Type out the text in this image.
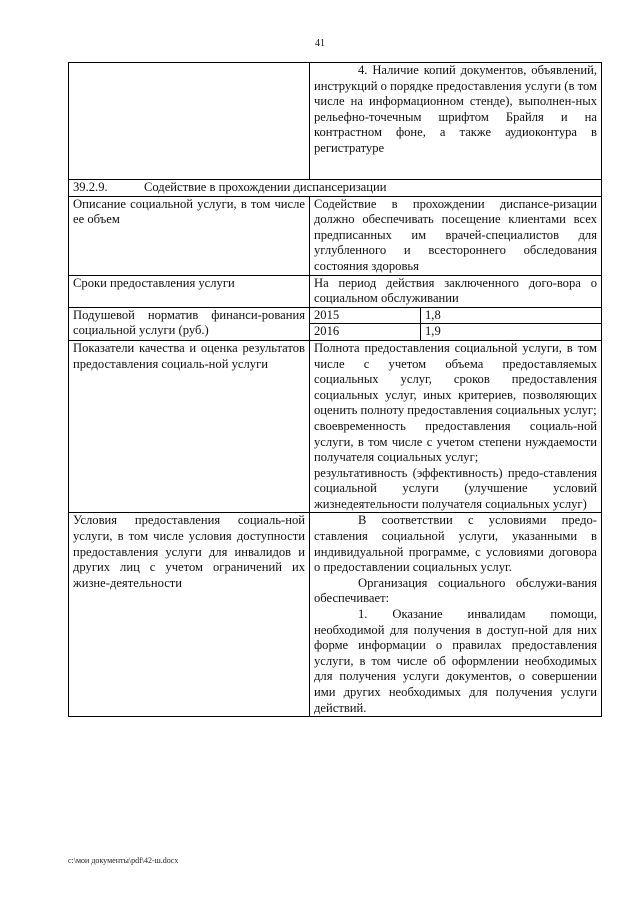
41

	4. Наличие копий документов, объявлений, инструкций о порядке предоставления услуги (в том числе на информационном стенде), выполнен-ных рельефно-точечным шрифтом Брайля и на контрастном фоне, а также аудиоконтура в регистратуре

39.2.9. Содействие в прохождении диспансеризации	
Описание социальной услуги, в том числе ее объем	Содействие в прохождении диспансе-ризации должно обеспечивать посещение клиентами всех предписанных им врачей-специалистов для углубленного и всестороннего обследования состояния здоровья
Сроки предоставления услуги	На период действия заключенного дого-вора о социальном обслуживании
Подушевой норматив финанси-рования социальной услуги (руб.)	2015 1,8
2016 1,9

Показатели качества и оценка результатов предоставления социаль-ной услуги	Полнота предоставления социальной услуги, в том числе с учетом объема предоставляемых социальных услуг, сроков предоставления социальных услуг, иных критериев, позволяющих оценить полноту предоставления социальных услуг;

своевременность предоставления социаль-ной услуги, в том числе с учетом степени нуждаемости получателя социальных услуг;

результативность (эффективность) предо-ставления социальной услуги (улучшение условий жизнедеятельности получателя социальных услуг)

Условия предоставления социаль-ной услуги, в том числе условия доступности предоставления услуги для инвалидов и других лиц с учетом ограничений их жизне-деятельности	В соответствии с условиями предо-ставления социальной услуги, указанными в индивидуальной программе, с условиями договора о предоставлении социальных услуг.

Организация социального обслужи-вания обеспечивает:

1. Оказание инвалидам помощи, необходимой для получения в доступ-ной для них форме информации о правилах предоставления услуги, в том числе об оформлении необходимых для получения услуги документов, о совершении ими других необходимых для получения услуги действий.

c:\мои документы\pdf\42-ш.docx
